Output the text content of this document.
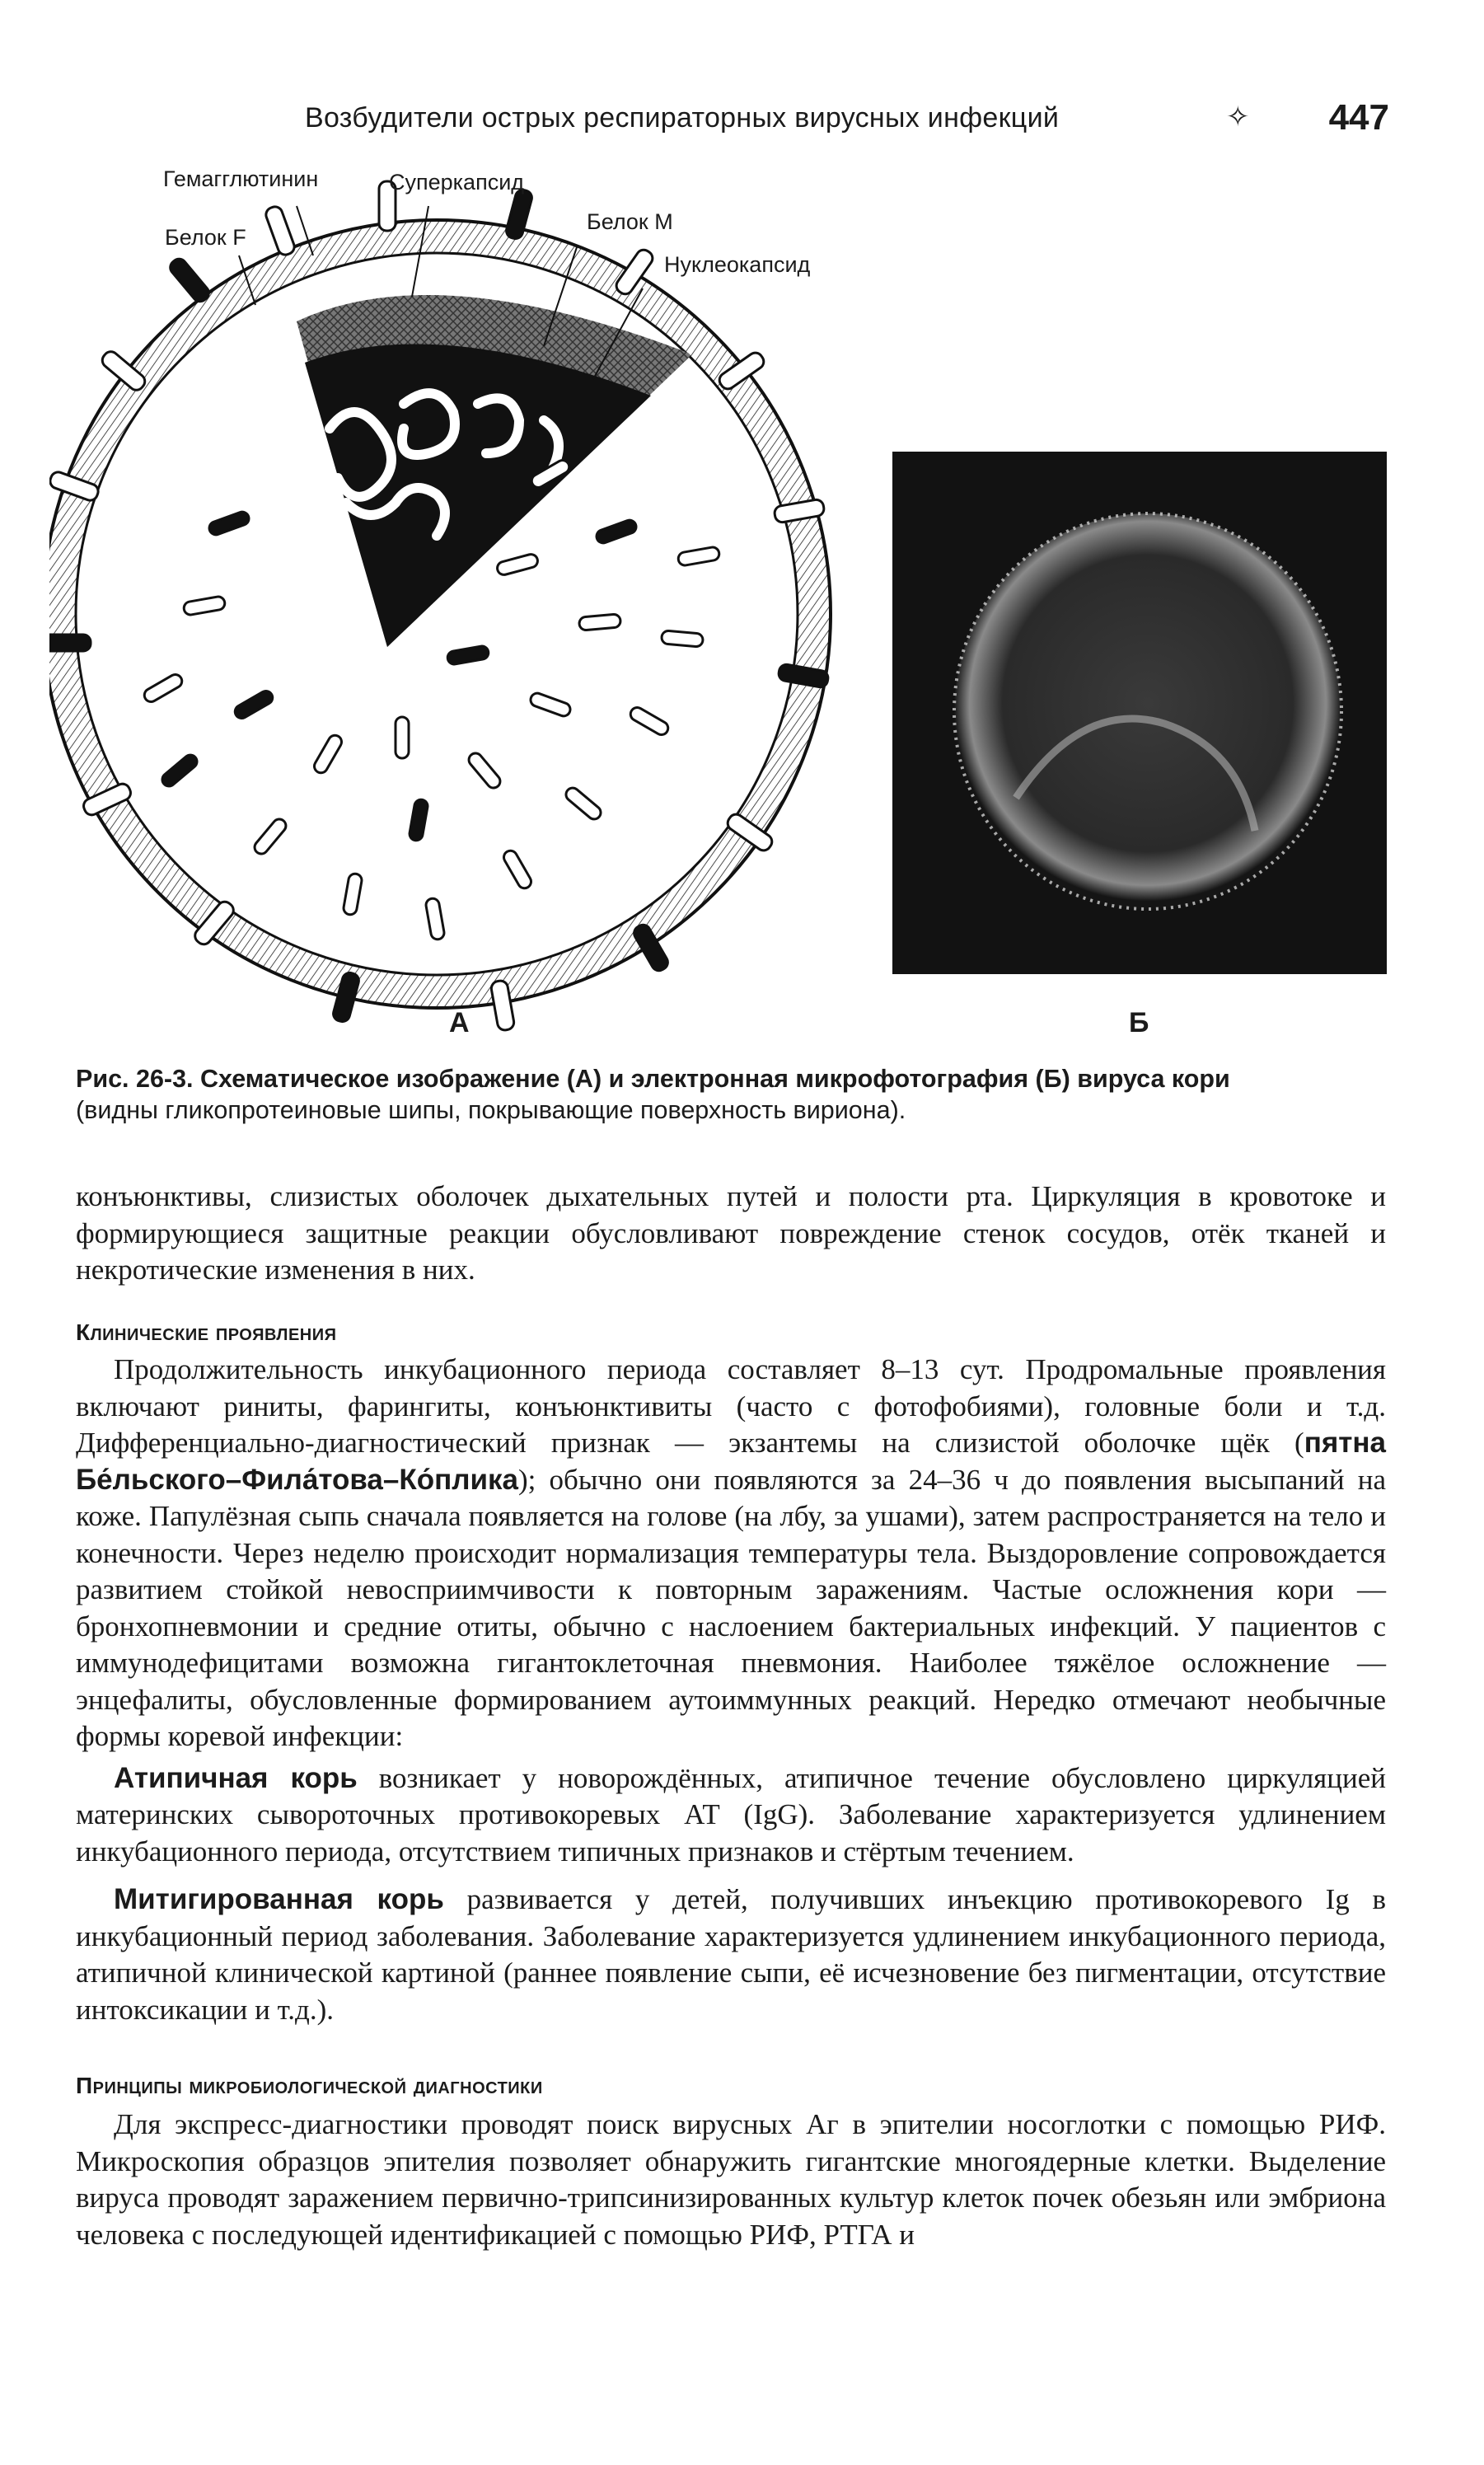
Возбудители острых респираторных вирусных инфекций	✧ 447
Гемагглютинин	Суперкапсид
Белок F
Белок М
Нуклеокапсид
А	Б
Рис. 26-3. Схематическое изображение (А) и электронная микрофотография (Б) вируса кори
(видны гликопротеиновые шипы, покрывающие поверхность вириона).

конъюнктивы, слизистых оболочек дыхательных путей и полости рта. Циркуляция в кровотоке и формирующиеся защитные реакции обусловливают повреждение стенок сосудов, отёк тканей и некротические изменения в них.

Клинические проявления

Продолжительность инкубационного периода составляет 8–13 сут. Продромальные проявления включают риниты, фарингиты, конъюнктивиты (часто с фотофобиями), головные боли и т.д. Дифференциально-диагностический признак — экзантемы на слизистой оболочке щёк (пятна Бе́льского–Фила́това–Ко́плика); обычно они появляются за 24–36 ч до появления высыпаний на коже. Папулёзная сыпь сначала появляется на голове (на лбу, за ушами), затем распространяется на тело и конечности. Через неделю происходит нормализация температуры тела. Выздоровление сопровождается развитием стойкой невосприимчивости к повторным заражениям. Частые осложнения кори — бронхопневмонии и средние отиты, обычно с наслоением бактериальных инфекций. У пациентов с иммунодефицитами возможна гигантоклеточная пневмония. Наиболее тяжёлое осложнение — энцефалиты, обусловленные формированием аутоиммунных реакций. Нередко отмечают необычные формы коревой инфекции:

Атипичная корь возникает у новорождённых, атипичное течение обусловлено циркуляцией материнских сывороточных противокоревых АТ (IgG). Заболевание характеризуется удлинением инкубационного периода, отсутствием типичных признаков и стёртым течением.

Митигированная корь развивается у детей, получивших инъекцию противокоревого Ig в инкубационный период заболевания. Заболевание характеризуется удлинением инкубационного периода, атипичной клинической картиной (раннее появление сыпи, её исчезновение без пигментации, отсутствие интоксикации и т.д.).

Принципы микробиологической диагностики

Для экспресс-диагностики проводят поиск вирусных Аг в эпителии носоглотки с помощью РИФ. Микроскопия образцов эпителия позволяет обнаружить гигантские многоядерные клетки. Выделение вируса проводят заражением первично-трипсинизированных культур клеток почек обезьян или эмбриона человека с последующей идентификацией с помощью РИФ, РТГА и
